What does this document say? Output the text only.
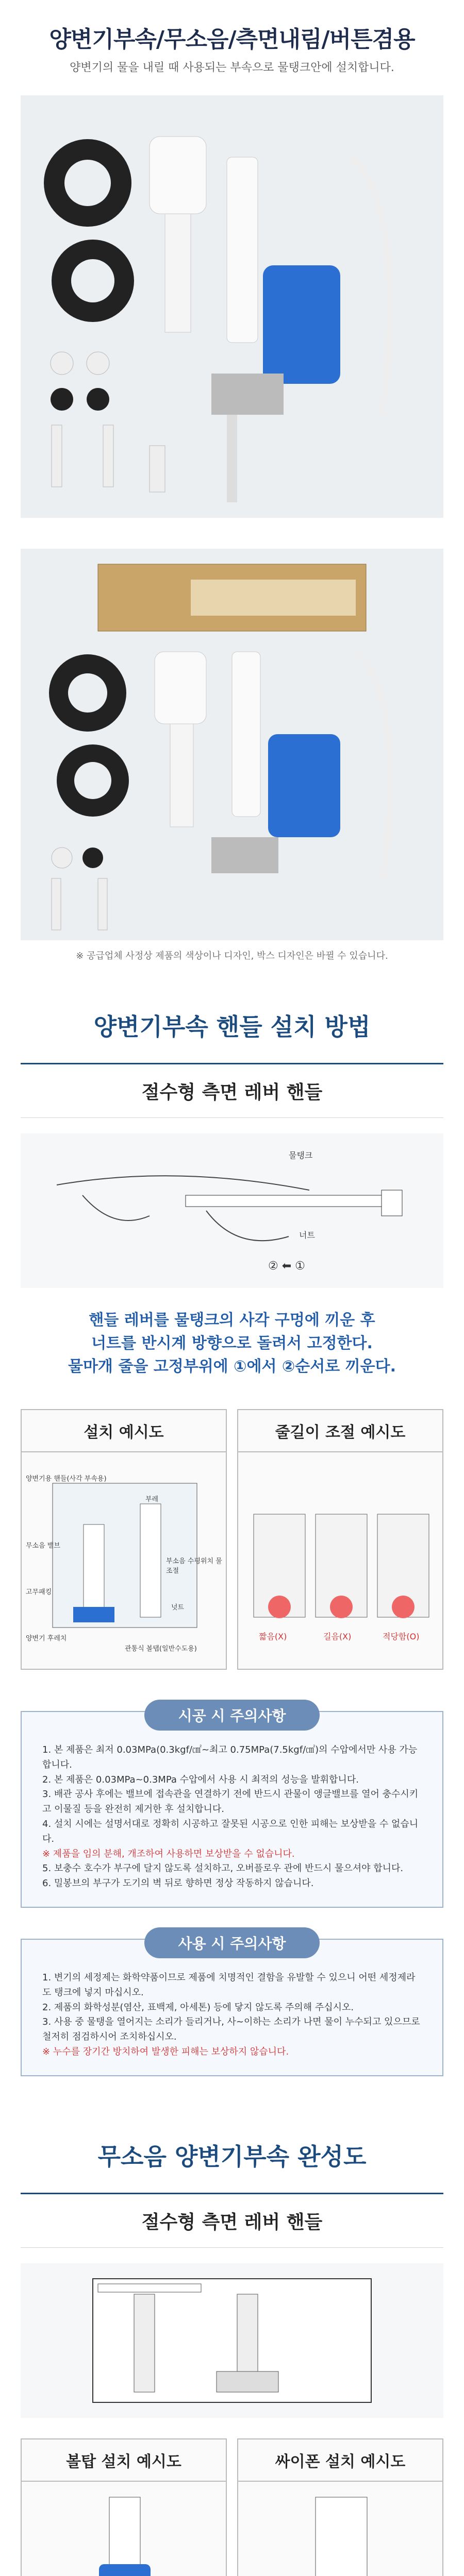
양변기부속/무소음/측면내림/버튼겸용

양변기의 물을 내릴 때 사용되는 부속으로 물탱크안에 설치합니다.

※ 공급업체 사정상 제품의 색상이나 디자인, 박스 디자인은 바뀔 수 있습니다.
양변기부속 핸들 설치 방법
절수형 측면 레버 핸들
물탱크
너트
② ⬅ ①
핸들 레버를 물탱크의 사각 구멍에 끼운 후
너트를 반시계 방향으로 돌려서 고정한다.
물마개 줄을 고정부위에 ①에서 ②순서로 끼운다.
설치 예시도
양변기용 핸들(사각 부속용)
부레
무소음 밸브
부소음 수평위치 물조절
고무패킹
넛트
양변기 후레치
관통식 볼탭(일반수도용)
줄길이 조절 예시도
짧음(X)	길음(X)	적당함(O)
시공 시 주의사항
1. 본 제품은 최저 0.03MPa(0.3kgf/㎠~최고 0.75MPa(7.5kgf/㎠)의 수압에서만 사용 가능합니다.
2. 본 제품은 0.03MPa~0.3MPa 수압에서 사용 시 최적의 성능을 발휘합니다.
3. 배관 공사 후에는 밸브에 접속관을 연결하기 전에 반드시 관물이 앵글밸브를 열어 충수시키고 이물질 등을 완전히 제거한 후 설치합니다.
4. 설치 시에는 설명서대로 정확히 시공하고 잘못된 시공으로 인한 피해는 보상받을 수 없습니다.
※ 제품을 임의 분해, 개조하여 사용하면 보상받을 수 없습니다.
5. 보충수 호수가 부구에 달지 않도록 설치하고, 오버플로우 관에 반드시 물으셔야 합니다.
6. 밀봉브의 부구가 도기의 벽 뒤로 향하면 정상 작동하지 않습니다.
사용 시 주의사항
1. 변기의 세정제는 화학약품이므로 제품에 치명적인 결함을 유발할 수 있으니 어떤 세정제라도 탱크에 넣지 마십시오.
2. 제품의 화학성분(염산, 표백제, 아세톤) 등에 닿지 않도록 주의해 주십시오.
3. 사용 중 물탱을 열어지는 소리가 들리거나, 사~이하는 소리가 나면 물이 누수되고 있으므로 철저히 점검하시어 조치하십시오.
※ 누수를 장기간 방치하여 발생한 피해는 보상하지 않습니다.
무소음 양변기부속 완성도
절수형 측면 레버 핸들
볼탑 설치 예시도	싸이폰 설치 예시도
